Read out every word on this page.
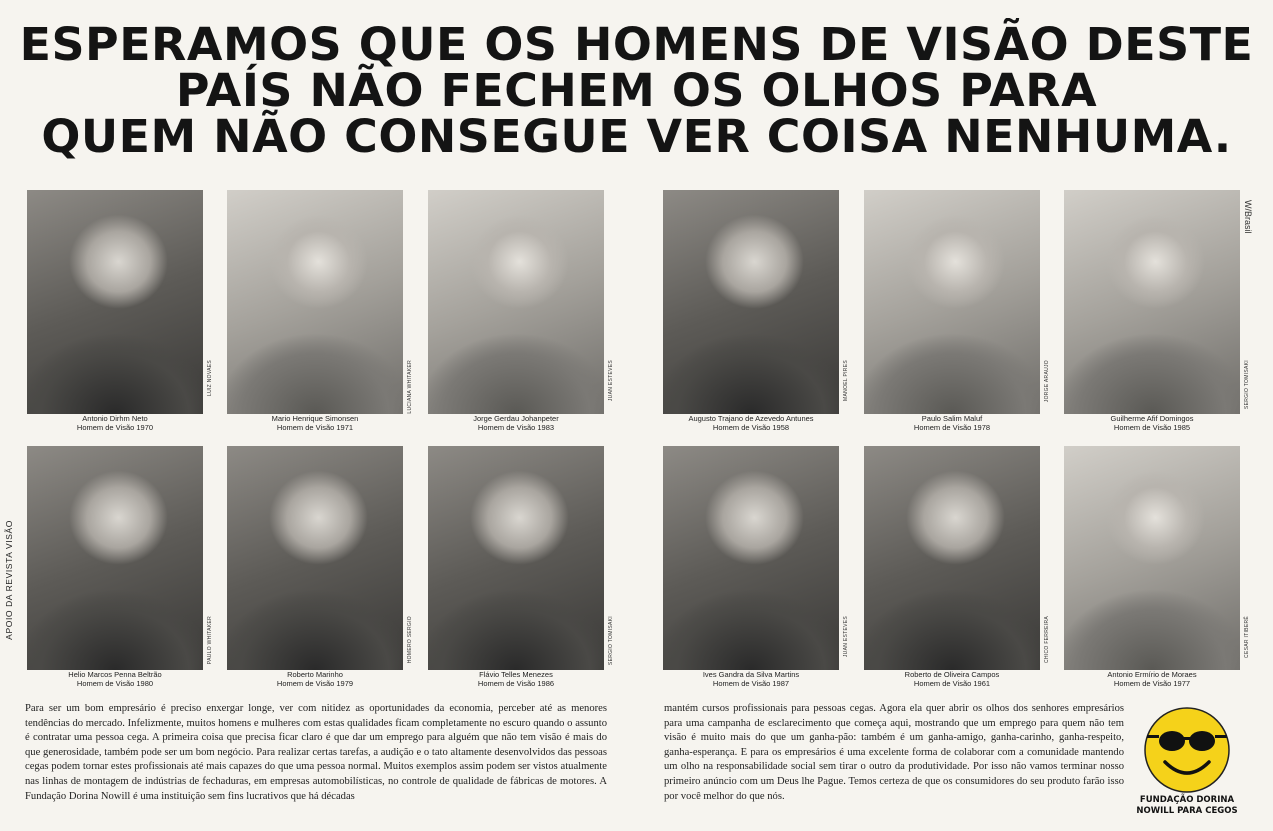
ESPERAMOS QUE OS HOMENS DE VISÃO DESTE
PAÍS NÃO FECHEM OS OLHOS PARA
QUEM NÃO CONSEGUE VER COISA NENHUMA.
LUIZ NOVAES
Antonio Dirhm Neto
Homem de Visão 1970
LUCIANA WHITAKER
Mario Henrique Simonsen
Homem de Visão 1971
JUAN ESTEVES
Jorge Gerdau Johanpeter
Homem de Visão 1983
MANOEL PIRES
Augusto Trajano de Azevedo Antunes
Homem de Visão 1958
JORGE ARAUJO
Paulo Salim Maluf
Homem de Visão 1978
SERGIO TOMISAKI
Guilherme Afif Domingos
Homem de Visão 1985
PAULO WHITAKER
Helio Marcos Penna Beltrão
Homem de Visão 1980
HOMERO SERGIO
Roberto Marinho
Homem de Visão 1979
SERGIO TOMISAKI
Flávio Telles Menezes
Homem de Visão 1986
JUAN ESTEVES
Ives Gandra da Silva Martins
Homem de Visão 1987
CHICO FERREIRA
Roberto de Oliveira Campos
Homem de Visão 1961
CESAR ITIBERÊ
Antonio Ermírio de Moraes
Homem de Visão 1977
APOIO DA REVISTA VISÃO
W/Brasil
Para ser um bom empresário é preciso enxergar longe, ver com nitidez as oportunidades da economia, perceber até as menores tendências do mercado. Infelizmente, muitos homens e mulheres com estas qualidades ficam completamente no escuro quando o assunto é contratar uma pessoa cega. A primeira coisa que precisa ficar claro é que dar um emprego para alguém que não tem visão é mais do que generosidade, também pode ser um bom negócio. Para realizar certas tarefas, a audição e o tato altamente desenvolvidos das pessoas cegas podem tornar estes profissionais até mais capazes do que uma pessoa normal. Muitos exemplos assim podem ser vistos atualmente nas linhas de montagem de indústrias de fechaduras, em empresas automobilísticas, no controle de qualidade de fábricas de motores. A Fundação Dorina Nowill é uma instituição sem fins lucrativos que há décadas
mantém cursos profissionais para pessoas cegas. Agora ela quer abrir os olhos dos senhores empresários para uma campanha de esclarecimento que começa aqui, mostrando que um emprego para quem não tem visão é muito mais do que um ganha-pão: também é um ganha-amigo, ganha-carinho, ganha-respeito, ganha-esperança. E para os empresários é uma excelente forma de colaborar com a comunidade mantendo um olho na responsabilidade social sem tirar o outro da produtividade. Por isso não vamos terminar nosso primeiro anúncio com um Deus lhe Pague. Temos certeza de que os consumidores do seu produto farão isso por você melhor do que nós.	FUNDAÇÃO DORINA
NOWILL PARA CEGOS
